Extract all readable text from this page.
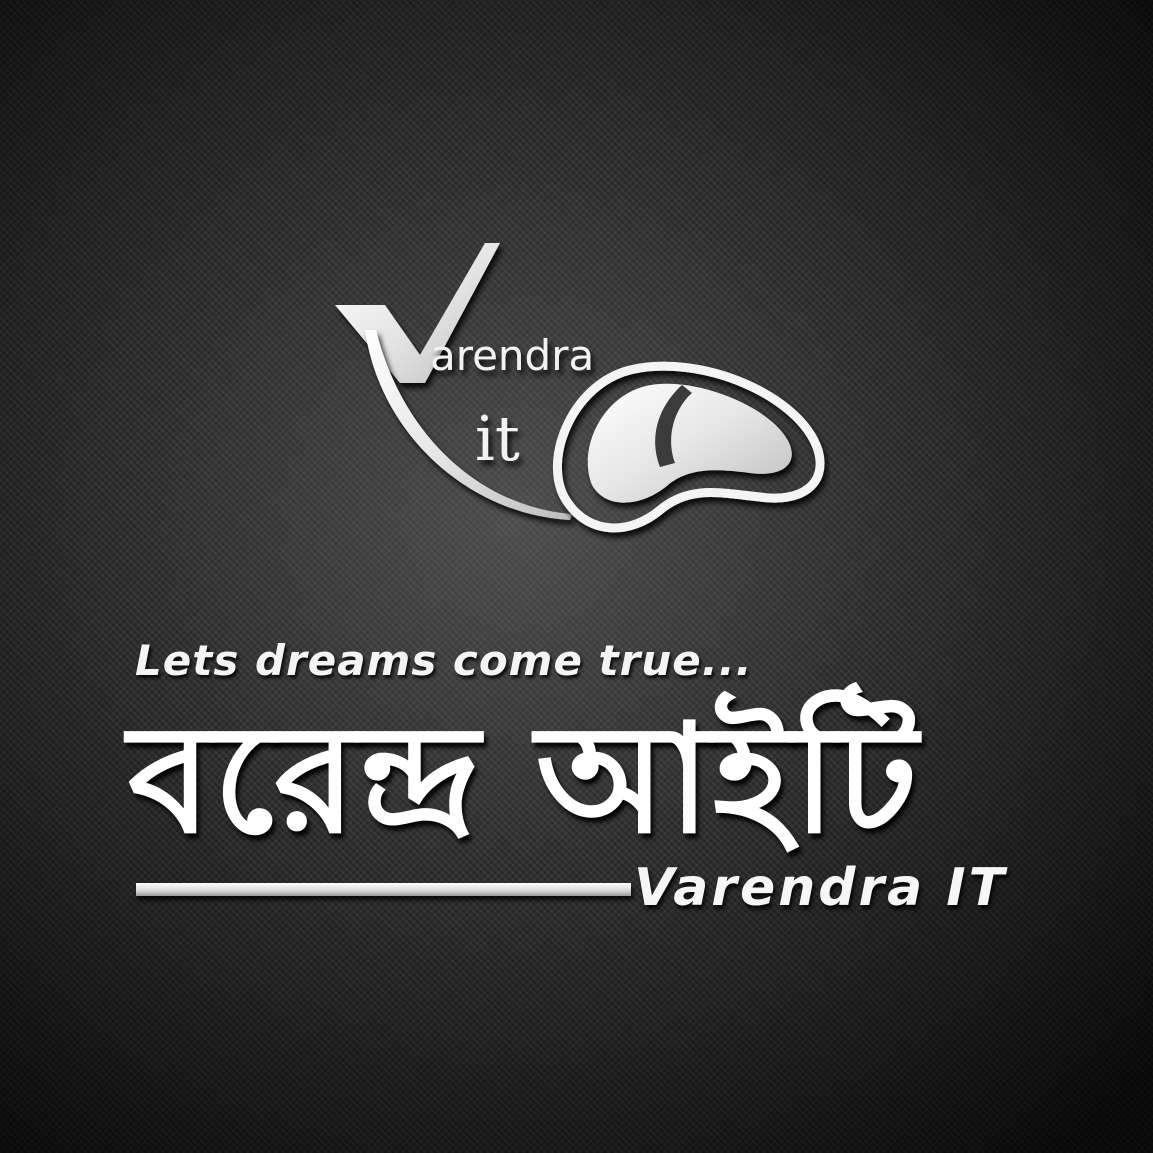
arendra
it
Lets dreams come true...
বরেন্দ্র আইটি
Varendra IT
